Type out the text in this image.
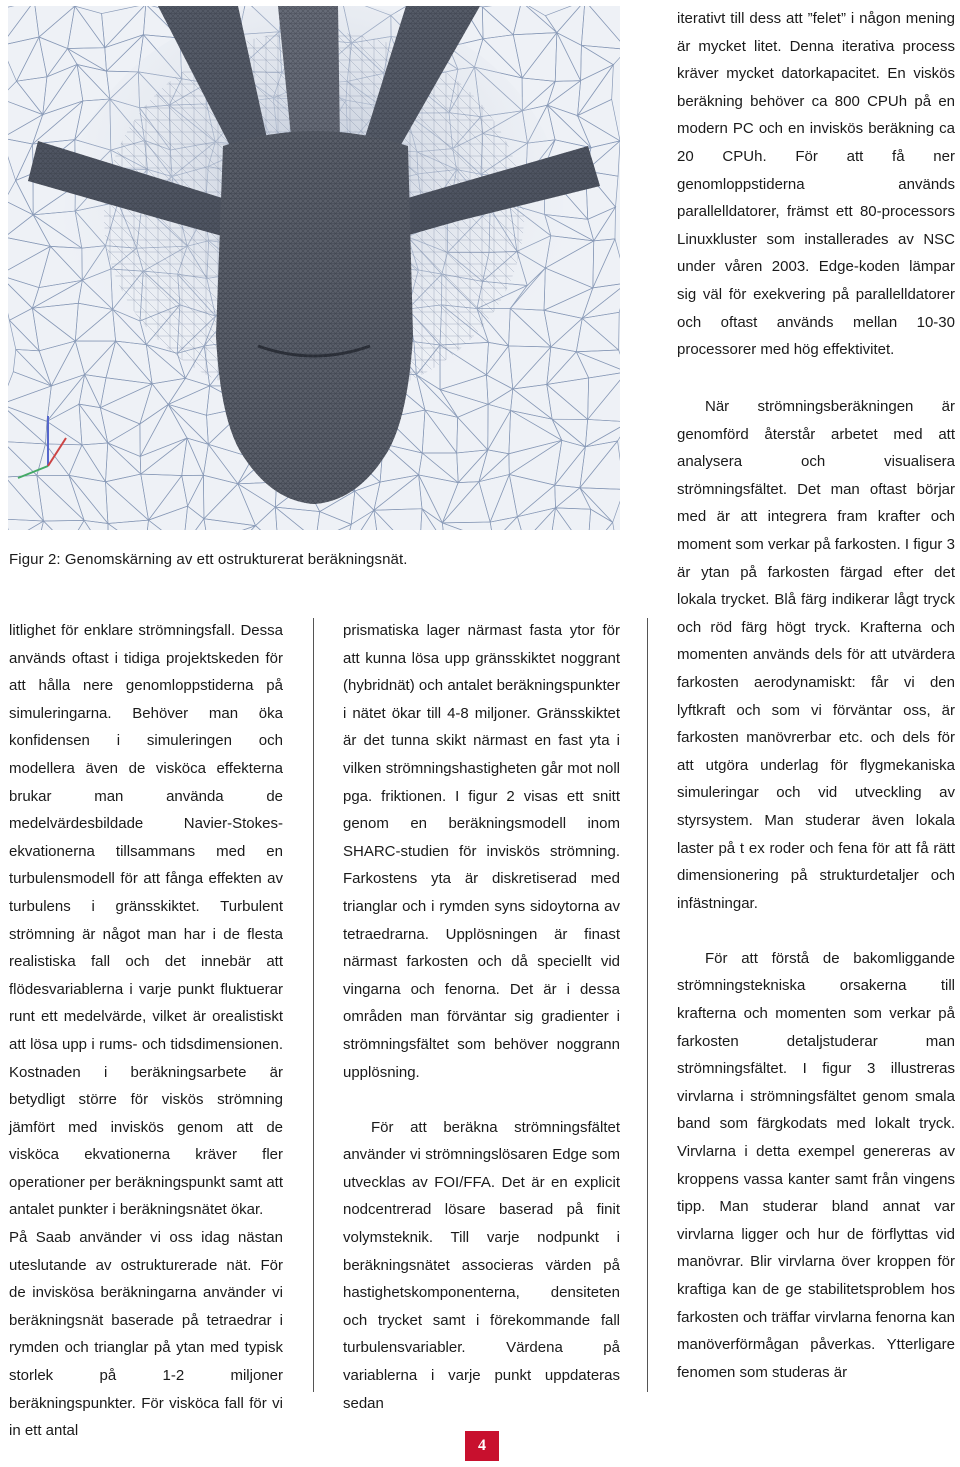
Figur 2: Genomskärning av ett ostrukturerat beräkningsnät.

litlighet för enklare strömningsfall. Dessa används oftast i tidiga projektskeden för att hålla nere genomloppstiderna på simuleringarna. Behöver man öka konfidensen i simuleringen och modellera även de visköса effekterna brukar man använda de medelvärdesbildade Navier-Stokes-ekvationerna tillsammans med en turbulensmodell för att fånga effekten av turbulens i gränsskiktet. Turbulent strömning är något man har i de flesta realistiska fall och det innebär att flödesvariablerna i varje punkt fluktuerar runt ett medelvärde, vilket är orealistiskt att lösa upp i rums- och tidsdimensionen. Kostnaden i beräkningsarbete är betydligt större för viskös strömning jämfört med inviskös genom att de visköса ekvationerna kräver fler operationer per beräkningspunkt samt att antalet punkter i beräkningsnätet ökar.

På Saab använder vi oss idag nästan uteslutande av ostrukturerade nät. För de inviskösa beräkningarna använder vi beräkningsnät baserade på tetraedrar i rymden och trianglar på ytan med typisk storlek på 1-2 miljoner beräkningspunkter. För visköса fall för vi in ett antal

prismatiska lager närmast fasta ytor för att kunna lösa upp gränsskiktet noggrant (hybridnät) och antalet beräkningspunkter i nätet ökar till 4-8 miljoner. Gränsskiktet är det tunna skikt närmast en fast yta i vilken strömningshastigheten går mot noll pga. friktionen. I figur 2 visas ett snitt genom en beräkningsmodell inom SHARC-studien för inviskös strömning. Farkostens yta är diskretiserad med trianglar och i rymden syns sidoytorna av tetraedrarna. Upplösningen är finast närmast farkosten och då speciellt vid vingarna och fenorna. Det är i dessa områden man förväntar sig gradienter i strömningsfältet som behöver noggrann upplösning.

För att beräkna strömningsfältet använder vi strömningslösaren Edge som utvecklas av FOI/FFA. Det är en explicit nodcentrerad lösare baserad på finit volymsteknik. Till varje nodpunkt i beräkningsnätet associeras värden på hastighetskomponenterna, densiteten och trycket samt i förekommande fall turbulensvariabler. Värdena på variablerna i varje punkt uppdateras sedan

iterativt till dess att ”felet” i någon mening är mycket litet. Denna iterativa process kräver mycket datorkapacitet. En viskös beräkning behöver ca 800 CPUh på en modern PC och en inviskös beräkning ca 20 CPUh. För att få ner genomloppstiderna används parallelldatorer, främst ett 80-processors Linuxkluster som installerades av NSC under våren 2003. Edge-koden lämpar sig väl för exekvering på parallelldatorer och oftast används mellan 10-30 processorer med hög effektivitet.

När strömningsberäkningen är genomförd återstår arbetet med att analysera och visualisera strömningsfältet. Det man oftast börjar med är att integrera fram krafter och moment som verkar på farkosten. I figur 3 är ytan på farkosten färgad efter det lokala trycket. Blå färg indikerar lågt tryck och röd färg högt tryck. Krafterna och momenten används dels för att utvärdera farkosten aerodynamiskt: får vi den lyftkraft och som vi förväntar oss, är farkosten manövrerbar etc. och dels för att utgöra underlag för flygmekaniska simuleringar och vid utveckling av styrsystem. Man studerar även lokala laster på t ex roder och fena för att få rätt dimensionering på strukturdetaljer och infästningar.

För att förstå de bakomliggande strömningstekniska orsakerna till krafterna och momenten som verkar på farkosten detaljstuderar man strömningsfältet. I figur 3 illustreras virvlarna i strömningsfältet genom smala band som färgkodats med lokalt tryck. Virvlarna i detta exempel genereras av kroppens vassa kanter samt från vingens tipp. Man studerar bland annat var virvlarna ligger och hur de förflyttas vid manövrar. Blir virvlarna över kroppen för kraftiga kan de ge stabilitetsproblem hos farkosten och träffar virvlarna fenorna kan manöverförmågan påverkas. Ytterligare fenomen som studeras är

4
